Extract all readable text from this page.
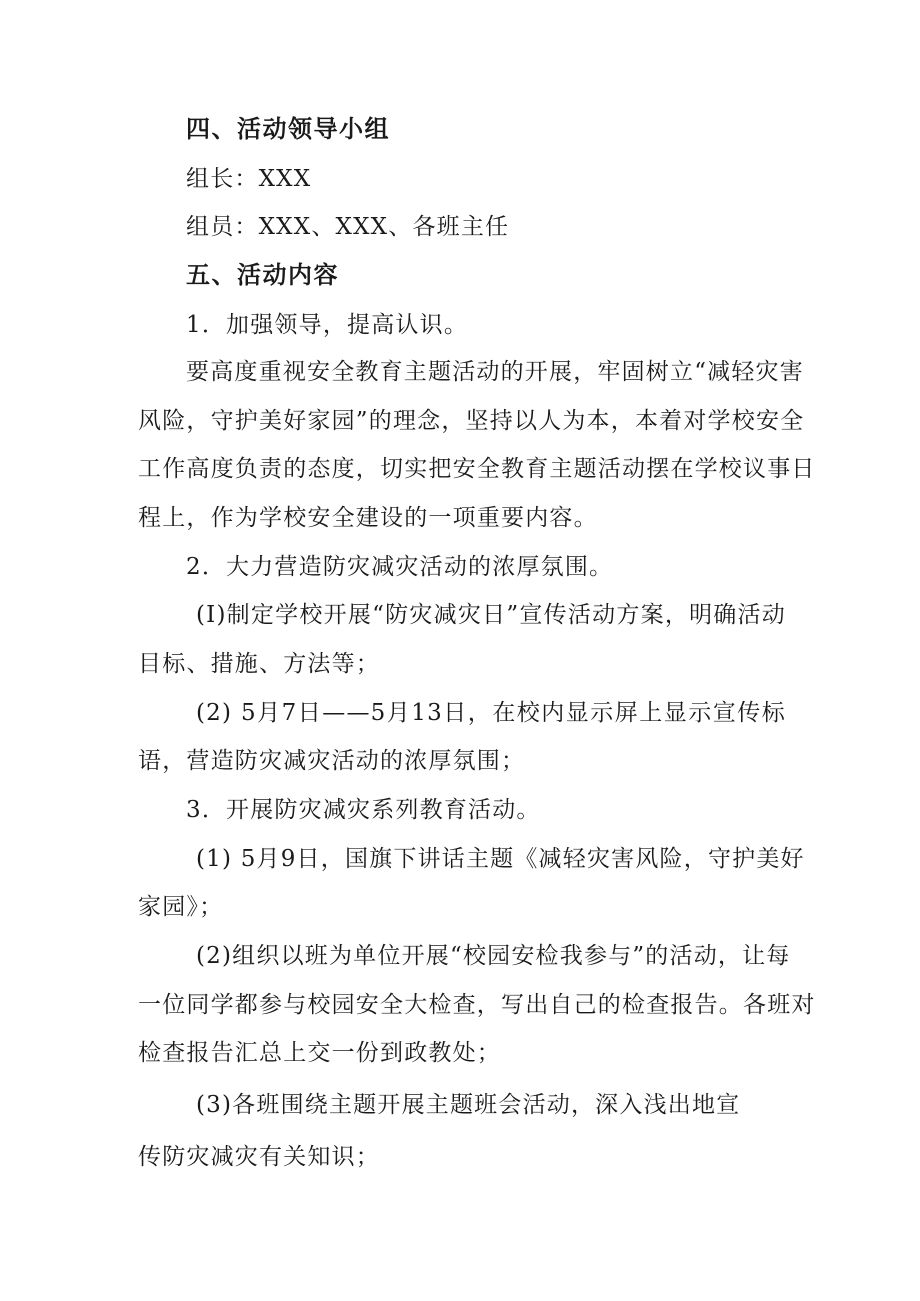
四、活动领导小组
组长：XXX
组员：XXX、XXX、各班主任
五、活动内容
1．加强领导，提高认识。
要高度重视安全教育主题活动的开展，牢固树立“减轻灾害
风险，守护美好家园”的理念，坚持以人为本，本着对学校安全
工作高度负责的态度，切实把安全教育主题活动摆在学校议事日
程上，作为学校安全建设的一项重要内容。
2．大力营造防灾减灾活动的浓厚氛围。
(I)制定学校开展“防灾减灾日”宣传活动方案，明确活动
目标、措施、方法等；
(2) 5月7日——5月13日，在校内显示屏上显示宣传标
语，营造防灾减灾活动的浓厚氛围；
3．开展防灾减灾系列教育活动。
(1) 5月9日，国旗下讲话主题《减轻灾害风险，守护美好
家园》；
(2)组织以班为单位开展“校园安检我参与”的活动，让每
一位同学都参与校园安全大检查，写出自己的检查报告。各班对
检查报告汇总上交一份到政教处；
(3)各班围绕主题开展主题班会活动，深入浅出地宣
传防灾减灾有关知识；
